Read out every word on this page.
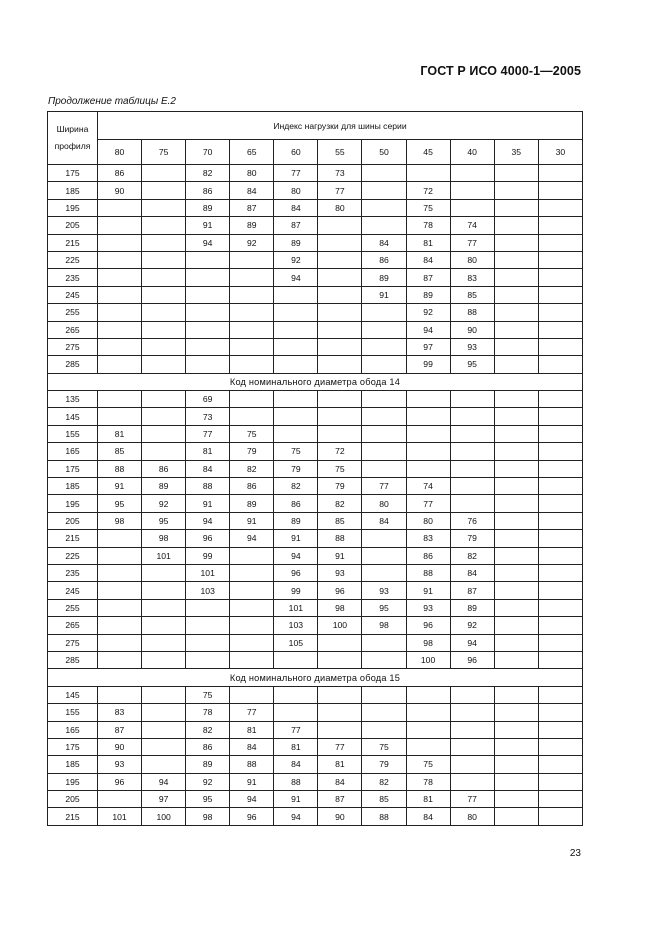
ГОСТ Р ИСО 4000-1—2005
Продолжение таблицы Е.2
Ширина профиля	Индекс нагрузки для шины серии										
	80	75	70	65	60	55	50	45	40	35	30
175	86		82	80	77	73					
185	90		86	84	80	77		72			
195			89	87	84	80		75			
205			91	89	87			78	74		
215			94	92	89		84	81	77		
225					92		86	84	80		
235					94		89	87	83		
245							91	89	85		
255								92	88		
265								94	90		
275								97	93		
285								99	95		
Код номинального диаметра обода 14											
135			69								
145			73								
155	81		77	75							
165	85		81	79	75	72					
175	88	86	84	82	79	75					
185	91	89	88	86	82	79	77	74			
195	95	92	91	89	86	82	80	77			
205	98	95	94	91	89	85	84	80	76		
215		98	96	94	91	88		83	79		
225		101	99		94	91		86	82		
235			101		96	93		88	84		
245			103		99	96	93	91	87		
255					101	98	95	93	89		
265					103	100	98	96	92		
275					105			98	94		
285								100	96		
Код номинального диаметра обода 15											
145			75								
155	83		78	77							
165	87		82	81	77						
175	90		86	84	81	77	75				
185	93		89	88	84	81	79	75			
195	96	94	92	91	88	84	82	78			
205		97	95	94	91	87	85	81	77		
215	101	100	98	96	94	90	88	84	80		
23
